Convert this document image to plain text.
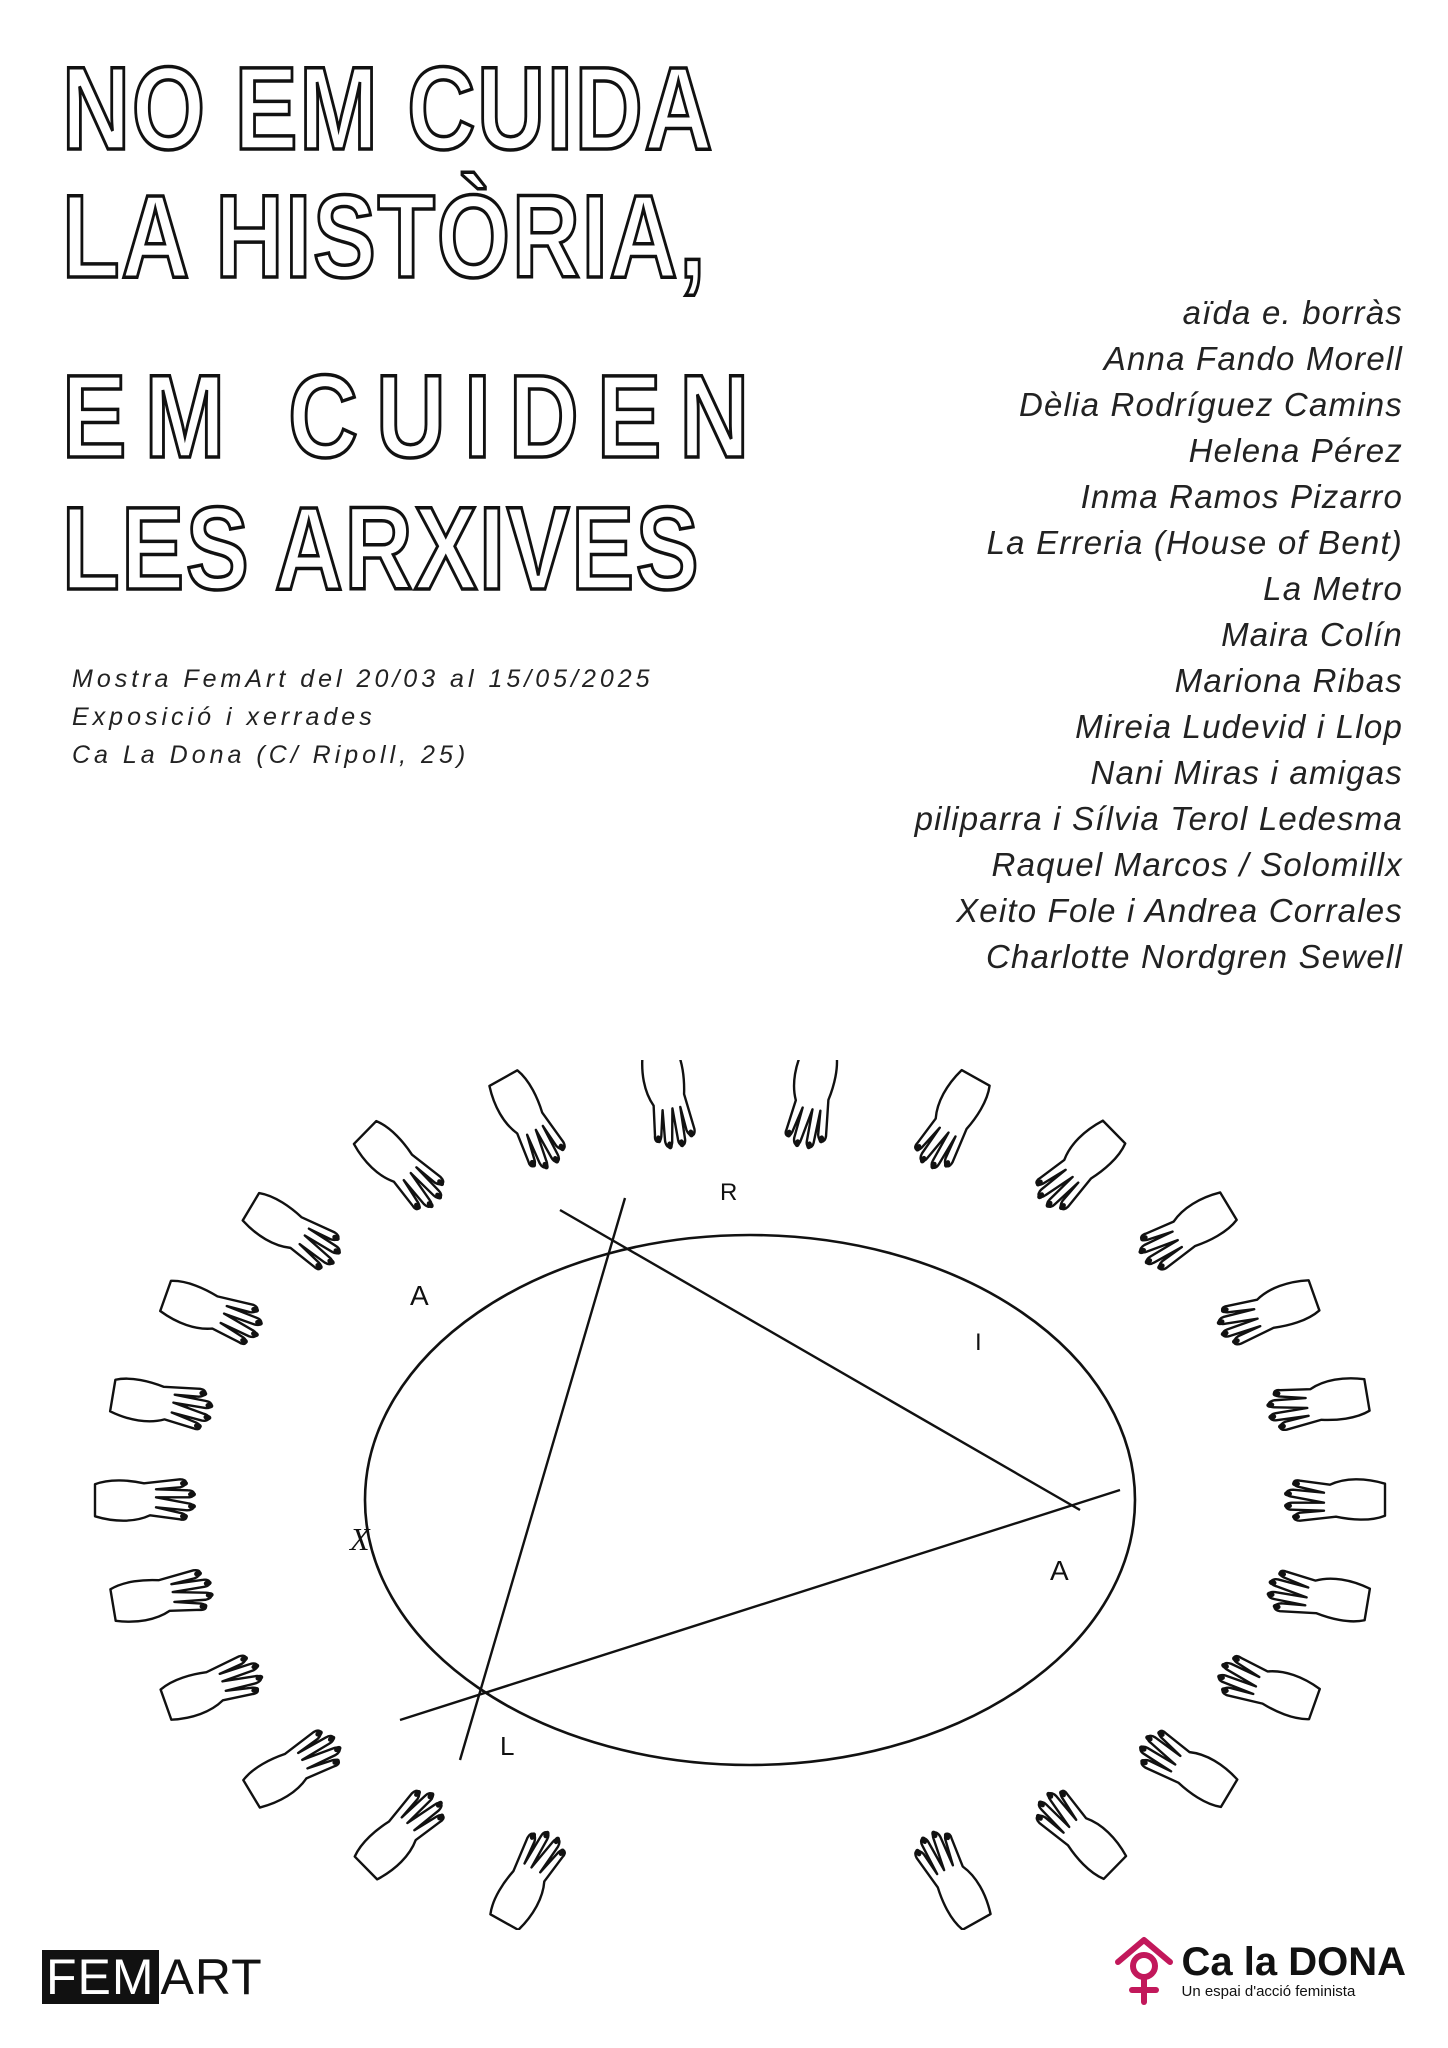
NO EM CUIDA
LA HISTÒRIA,
EM CUIDEN
LES ARXIVES
Mostra FemArt del 20/03 al 15/05/2025
Exposició i xerrades
Ca La Dona (C/ Ripoll, 25)
aïda e. borràs
Anna Fando Morell
Dèlia Rodríguez Camins
Helena Pérez
Inma Ramos Pizarro
La Erreria (House of Bent)
La Metro
Maira Colín
Mariona Ribas
Mireia Ludevid i Llop
Nani Miras i amigas
piliparra i Sílvia Terol Ledesma
Raquel Marcos / Solomillx
Xeito Fole i Andrea Corrales
Charlotte Nordgren Sewell
A
R
I
A
L
X
FEM ART	Ca la DONA
Un espai d'acció feminista
